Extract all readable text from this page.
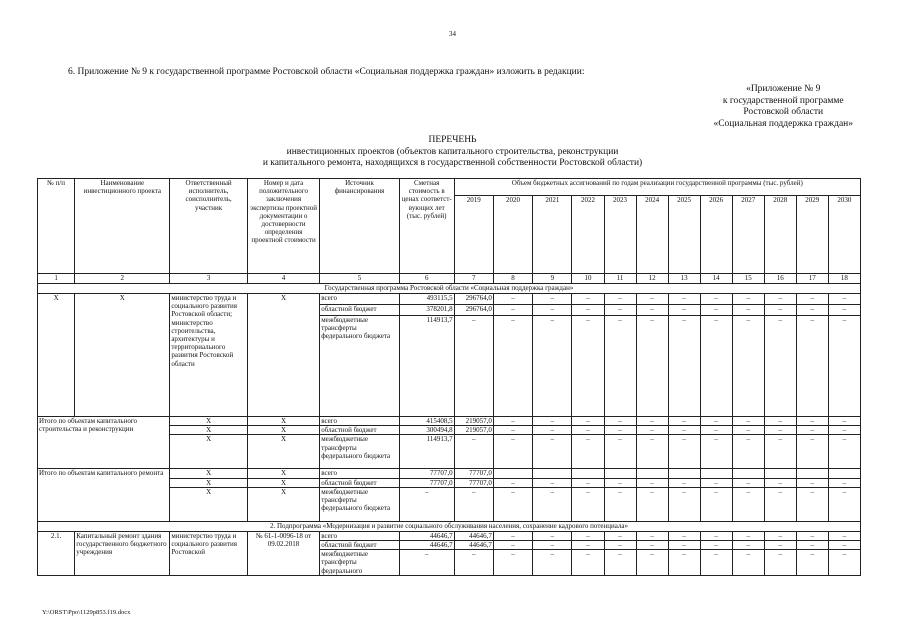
34
6. Приложение № 9 к государственной программе Ростовской области «Социальная поддержка граждан» изложить в редакции:
«Приложение № 9
к государственной программе
Ростовской области
«Социальная поддержка граждан»
ПЕРЕЧЕНЬ
инвестиционных проектов (объектов капитального строительства, реконструкции
и капитального ремонта, находящихся в государственной собственности Ростовской области)
№ п/п	Наименование инвестиционного проекта	Ответственный исполнитель, соисполнитель, участник	Номер и дата положительного заключения экспертизы проектной документации о достоверности определения проектной стоимости	Источник финансирования	Сметная стоимость в ценах соответст-вующих лет (тыс. рублей)	Объем бюджетных ассигнований по годам реализации государственной программы (тыс. рублей)											
						2019	2020	2021	2022	2023	2024	2025	2026	2027	2028	2029	2030
1	2	3	4	5	6	7	8	9	10	11	12	13	14	15	16	17	18
Государственная программа Ростовской области «Социальная поддержка граждан»																	
Х	Х	министерство труда и социального развития Ростовской области; министерство строительства, архитектуры и территориального развития Ростовской области	Х	всего	493115,5	296764,0	–	–	–	–	–	–	–	–	–	–	–
				областной бюджет	378201,8	296764,0	–	–	–	–	–	–	–	–	–	–	–
				межбюджетные трансферты федерального бюджета	114913,7	–	–	–	–	–	–	–	–	–	–	–	–
Итого по объектам капитального строительства и реконструкции		Х	Х	всего	415408,5	219057,0	–	–	–	–	–	–	–	–	–	–	–
		Х	Х	областной бюджет	300494,8	219057,0	–	–	–	–	–	–	–	–	–	–	–
		Х	Х	межбюджетные трансферты федерального бюджета	114913,7	–	–	–	–	–	–	–	–	–	–	–	–
Итого по объектам капитального ремонта		Х	Х	всего	77707,0	77707,0											
		Х	Х	областной бюджет	77707,0	77707,0	–	–	–	–	–	–	–	–	–	–	–
		Х	Х	межбюджетные трансферты федерального бюджета	–	–	–	–	–	–	–	–	–	–	–	–	–
2. Подпрограмма «Модернизация и развитие социального обслуживания населения, сохранение кадрового потенциала»																	
2.1.	Капитальный ремонт здания государственного бюджетного учреждения	министерство труда и социального развития Ростовской	№ 61-1-0096-18 от 09.02.2018	всего	44646,7	44646,7	–	–	–	–	–	–	–	–	–	–	–
				областной бюджет	44646,7	44646,7	–	–	–	–	–	–	–	–	–	–	–
				межбюджетные трансферты федерального	–	–	–	–	–	–	–	–	–	–	–	–	–
Y:\ORST\Ppo\1129p853.f19.docx
